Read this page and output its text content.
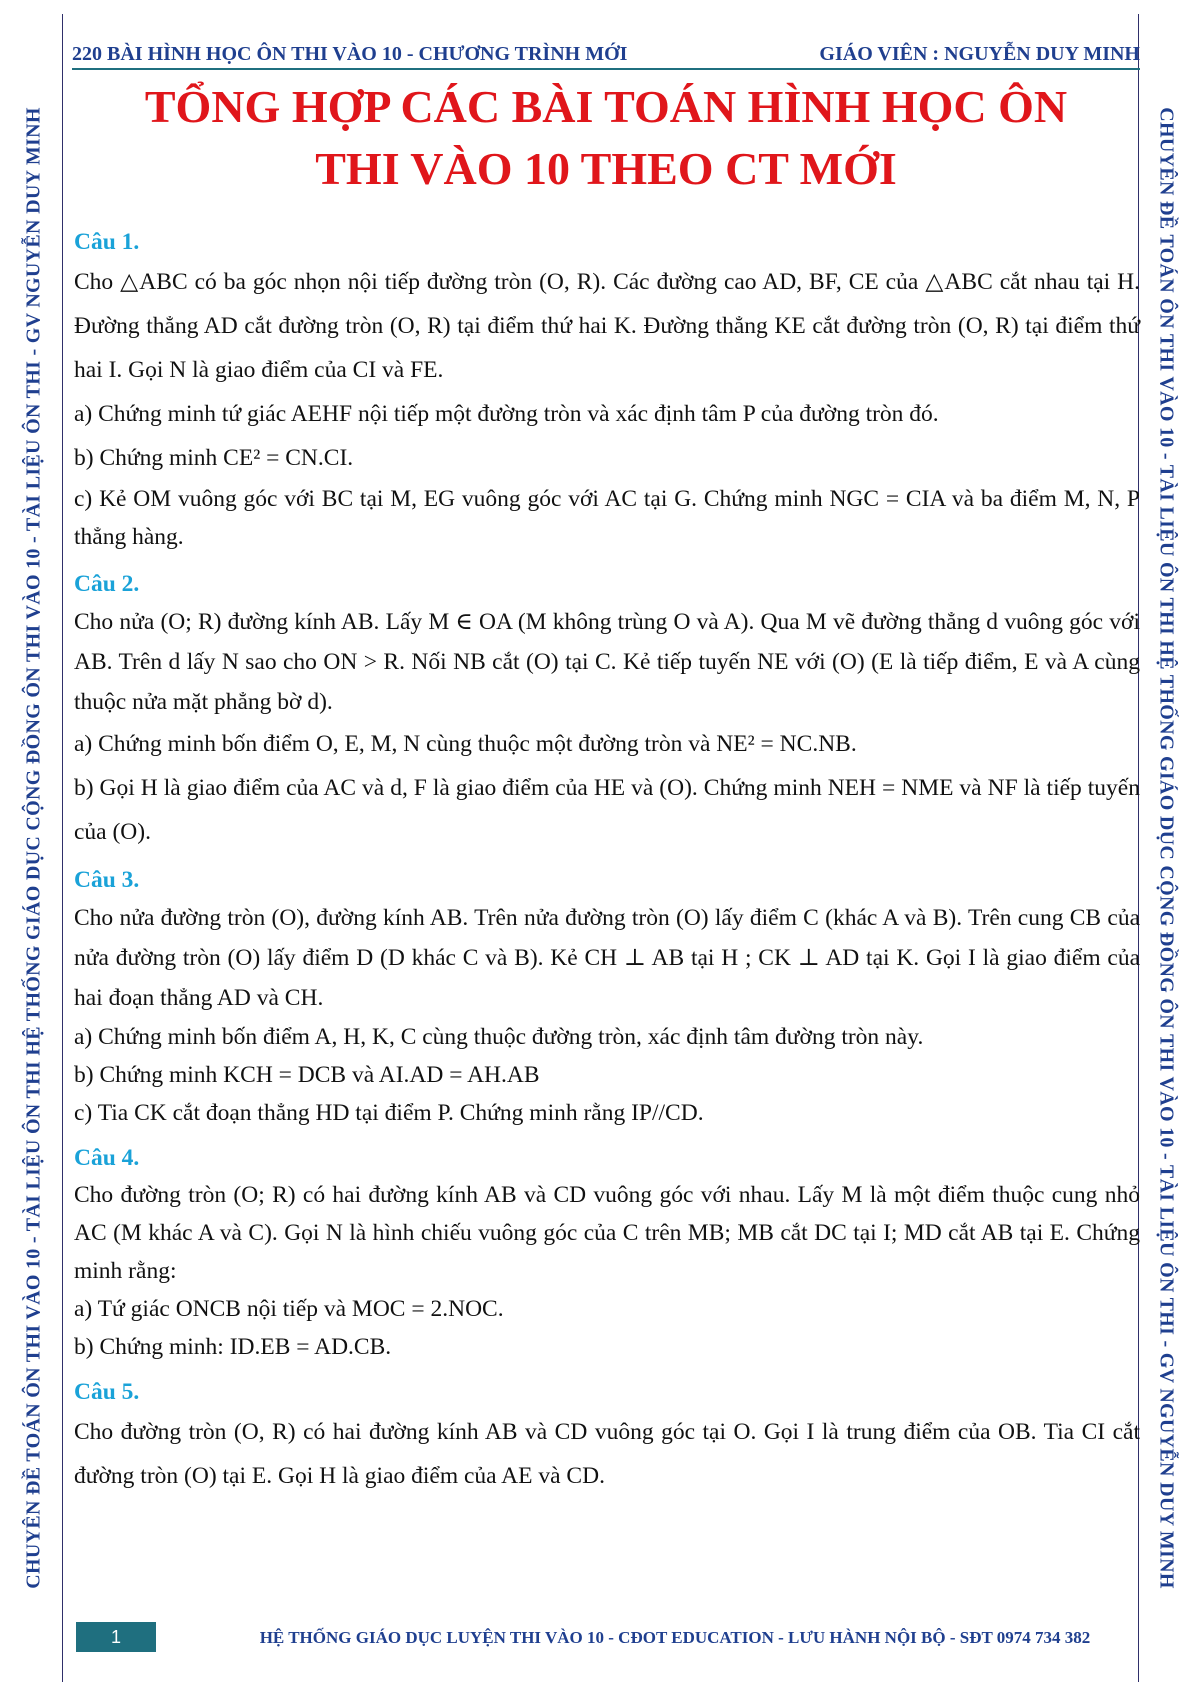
CHUYÊN ĐỀ TOÁN ÔN THI VÀO 10 - TÀI LIỆU ÔN THI HỆ THỐNG GIÁO DỤC CỘNG ĐỒNG ÔN THI VÀO 10 - TÀI LIỆU ÔN THI - GV NGUYỄN DUY MINH	CHUYÊN ĐỀ TOÁN ÔN THI VÀO 10 - TÀI LIỆU ÔN THI HỆ THỐNG GIÁO DỤC CỘNG ĐỒNG ÔN THI VÀO 10 - TÀI LIỆU ÔN THI - GV NGUYỄN DUY MINH
220 BÀI HÌNH HỌC ÔN THI VÀO 10 - CHƯƠNG TRÌNH MỚI	GIÁO VIÊN : NGUYỄN DUY MINH
TỔNG HỢP CÁC BÀI TOÁN HÌNH HỌC ÔN
THI VÀO 10 THEO CT MỚI
Câu 1.

Cho △ABC có ba góc nhọn nội tiếp đường tròn (O, R). Các đường cao AD, BF, CE của △ABC cắt nhau tại H. Đường thẳng AD cắt đường tròn (O, R) tại điểm thứ hai K. Đường thẳng KE cắt đường tròn (O, R) tại điểm thứ hai I. Gọi N là giao điểm của CI và FE.

a) Chứng minh tứ giác AEHF nội tiếp một đường tròn và xác định tâm P của đường tròn đó.

b) Chứng minh CE² = CN.CI.

c) Kẻ OM vuông góc với BC tại M, EG vuông góc với AC tại G. Chứng minh NGC = CIA và ba điểm M, N, P thẳng hàng.

Câu 2.

Cho nửa (O; R) đường kính AB. Lấy M ∈ OA (M không trùng O và A). Qua M vẽ đường thẳng d vuông góc với AB. Trên d lấy N sao cho ON > R. Nối NB cắt (O) tại C. Kẻ tiếp tuyến NE với (O) (E là tiếp điểm, E và A cùng thuộc nửa mặt phẳng bờ d).

a) Chứng minh bốn điểm O, E, M, N cùng thuộc một đường tròn và NE² = NC.NB.

b) Gọi H là giao điểm của AC và d, F là giao điểm của HE và (O). Chứng minh NEH = NME và NF là tiếp tuyến của (O).

Câu 3.

Cho nửa đường tròn (O), đường kính AB. Trên nửa đường tròn (O) lấy điểm C (khác A và B). Trên cung CB của nửa đường tròn (O) lấy điểm D (D khác C và B). Kẻ CH ⊥ AB tại H ; CK ⊥ AD tại K. Gọi I là giao điểm của hai đoạn thẳng AD và CH.

a) Chứng minh bốn điểm A, H, K, C cùng thuộc đường tròn, xác định tâm đường tròn này.

b) Chứng minh KCH = DCB và AI.AD = AH.AB

c) Tia CK cắt đoạn thẳng HD tại điểm P. Chứng minh rằng IP//CD.

Câu 4.

Cho đường tròn (O; R) có hai đường kính AB và CD vuông góc với nhau. Lấy M là một điểm thuộc cung nhỏ AC (M khác A và C). Gọi N là hình chiếu vuông góc của C trên MB; MB cắt DC tại I; MD cắt AB tại E. Chứng minh rằng:

a) Tứ giác ONCB nội tiếp và MOC = 2.NOC.

b) Chứng minh: ID.EB = AD.CB.

Câu 5.

Cho đường tròn (O, R) có hai đường kính AB và CD vuông góc tại O. Gọi I là trung điểm của OB. Tia CI cắt đường tròn (O) tại E. Gọi H là giao điểm của AE và CD.

1	HỆ THỐNG GIÁO DỤC LUYỆN THI VÀO 10 - CĐOT EDUCATION - LƯU HÀNH NỘI BỘ - SĐT 0974 734 382
